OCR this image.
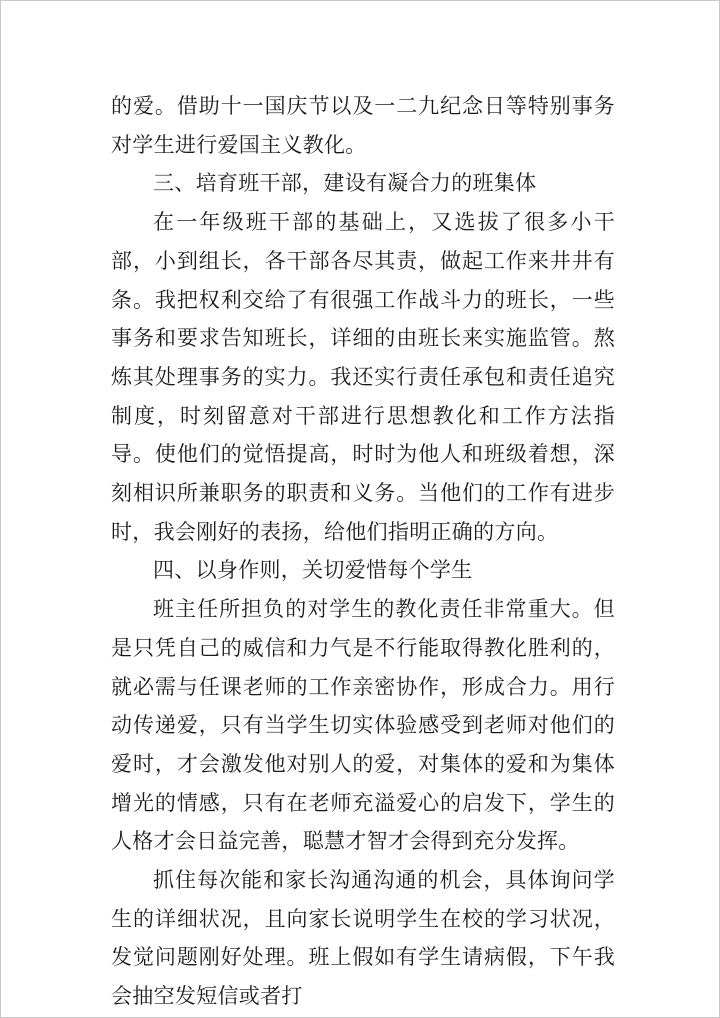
的爱。借助十一国庆节以及一二九纪念日等特别事务对学生进行爱国主义教化。

三、培育班干部，建设有凝合力的班集体

在一年级班干部的基础上，又选拔了很多小干部，小到组长，各干部各尽其责，做起工作来井井有条。我把权利交给了有很强工作战斗力的班长，一些事务和要求告知班长，详细的由班长来实施监管。熬炼其处理事务的实力。我还实行责任承包和责任追究制度，时刻留意对干部进行思想教化和工作方法指导。使他们的觉悟提高，时时为他人和班级着想，深刻相识所兼职务的职责和义务。当他们的工作有进步时，我会刚好的表扬，给他们指明正确的方向。

四、以身作则，关切爱惜每个学生

班主任所担负的对学生的教化责任非常重大。但是只凭自己的威信和力气是不行能取得教化胜利的，就必需与任课老师的工作亲密协作，形成合力。用行动传递爱，只有当学生切实体验感受到老师对他们的爱时，才会激发他对别人的爱，对集体的爱和为集体增光的情感，只有在老师充溢爱心的启发下，学生的人格才会日益完善，聪慧才智才会得到充分发挥。

抓住每次能和家长沟通沟通的机会，具体询问学生的详细状况，且向家长说明学生在校的学习状况，发觉问题刚好处理。班上假如有学生请病假，下午我会抽空发短信或者打
